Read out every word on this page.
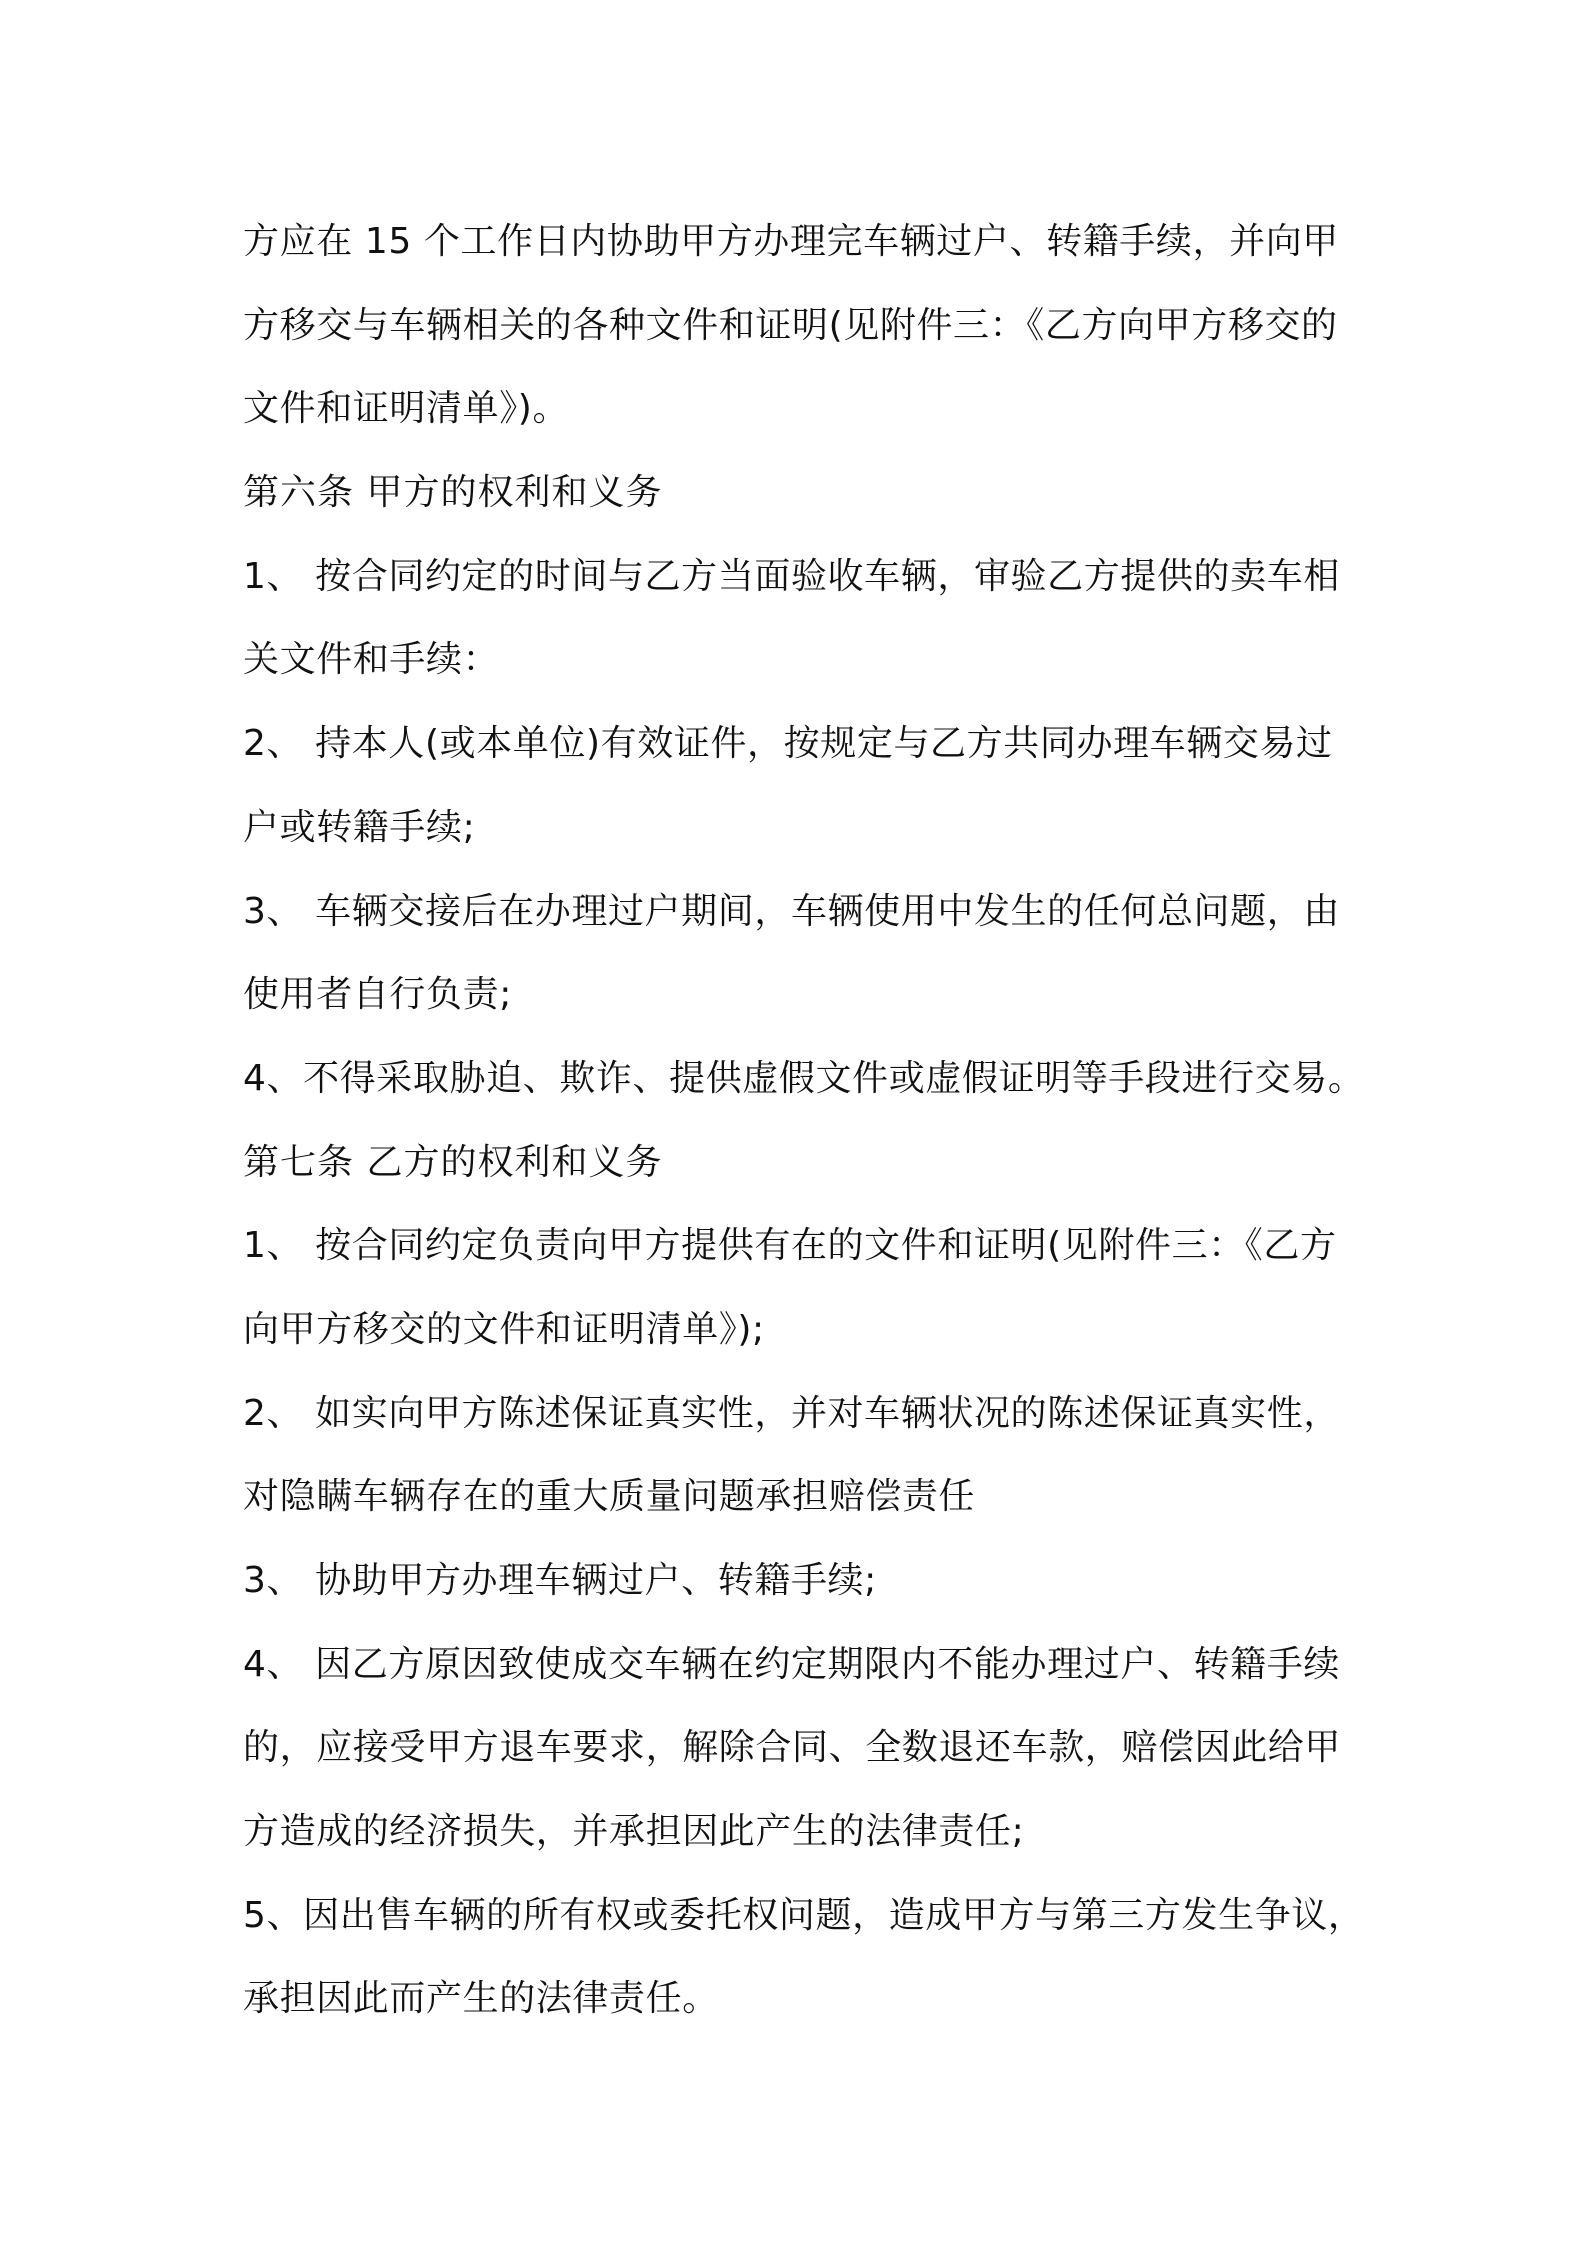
方应在 15 个工作日内协助甲方办理完车辆过户、转籍手续，并向甲
方移交与车辆相关的各种文件和证明(见附件三：《乙方向甲方移交的
文件和证明清单》)。
第六条 甲方的权利和义务
1、 按合同约定的时间与乙方当面验收车辆，审验乙方提供的卖车相
关文件和手续：
2、 持本人(或本单位)有效证件，按规定与乙方共同办理车辆交易过
户或转籍手续;
3、 车辆交接后在办理过户期间，车辆使用中发生的任何总问题，由
使用者自行负责;
4、不得采取胁迫、欺诈、提供虚假文件或虚假证明等手段进行交易。
第七条 乙方的权利和义务
1、 按合同约定负责向甲方提供有在的文件和证明(见附件三：《乙方
向甲方移交的文件和证明清单》);
2、 如实向甲方陈述保证真实性，并对车辆状况的陈述保证真实性，
对隐瞒车辆存在的重大质量问题承担赔偿责任
3、 协助甲方办理车辆过户、转籍手续;
4、 因乙方原因致使成交车辆在约定期限内不能办理过户、转籍手续
的，应接受甲方退车要求，解除合同、全数退还车款，赔偿因此给甲
方造成的经济损失，并承担因此产生的法律责任;
5、因出售车辆的所有权或委托权问题，造成甲方与第三方发生争议，
承担因此而产生的法律责任。
